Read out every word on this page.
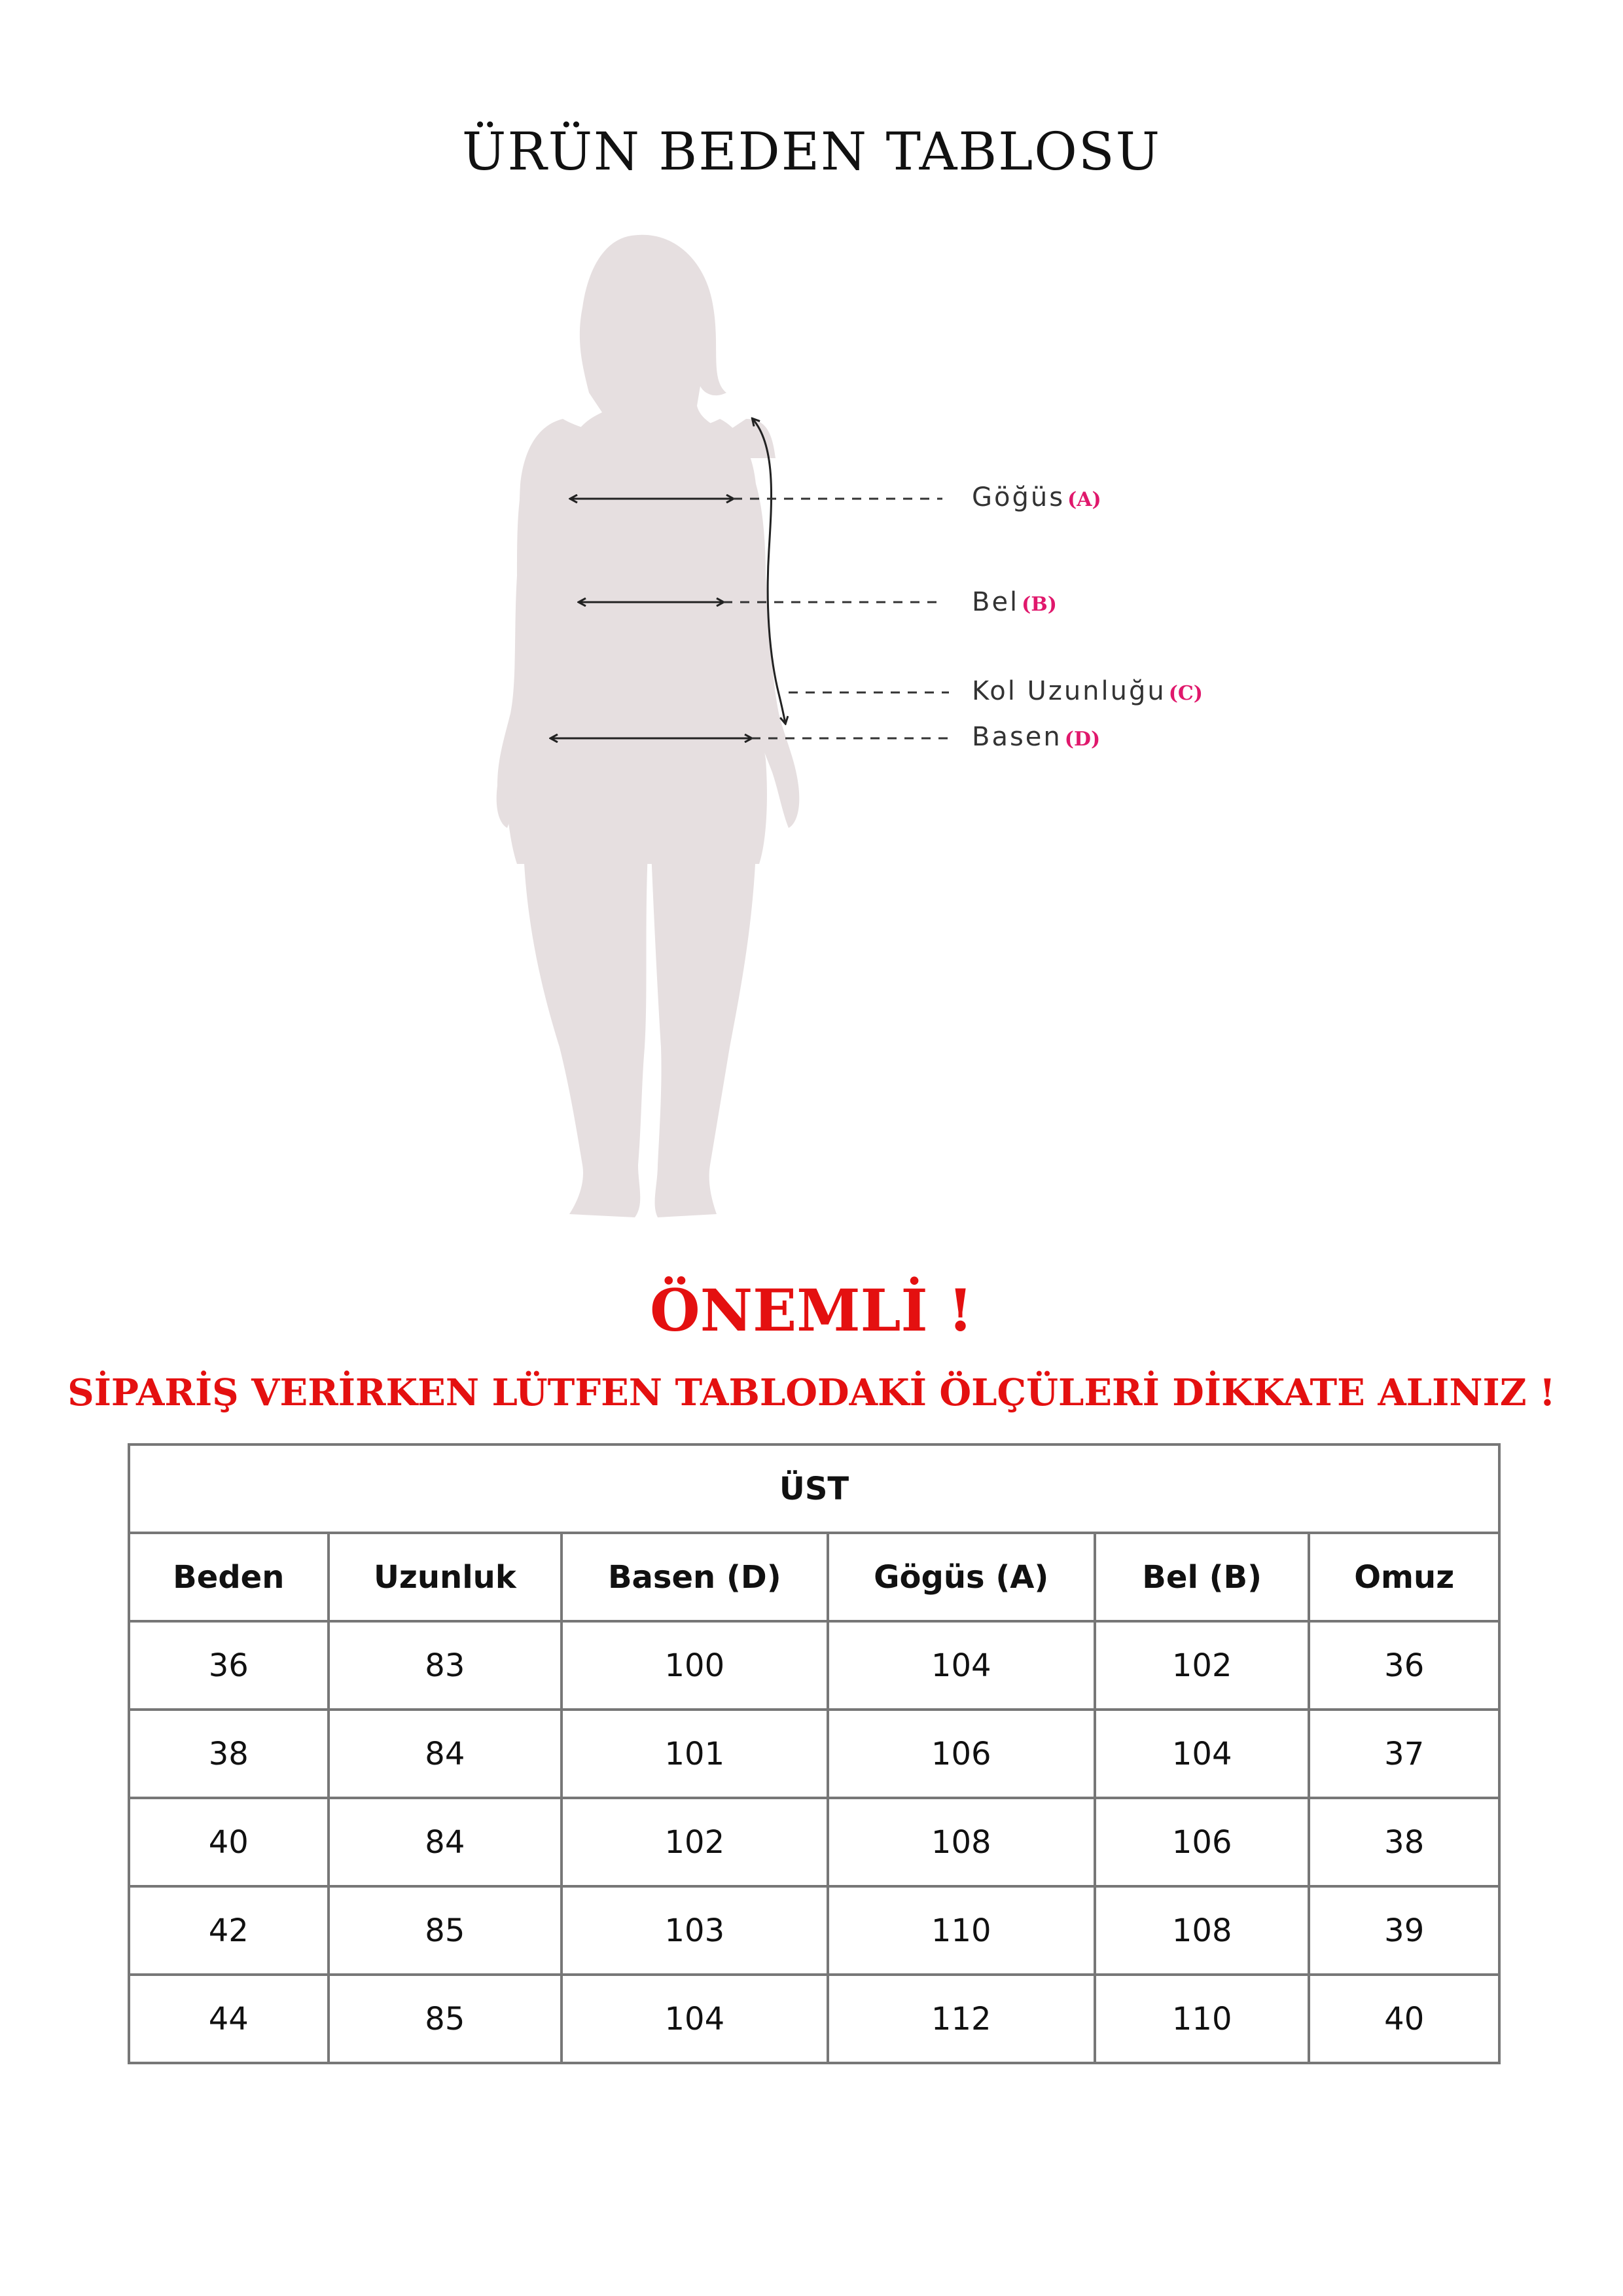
ÜRÜN BEDEN TABLOSU
Göğüs (A)
Bel (B)
Kol Uzunluğu (C)
Basen (D)
ÖNEMLİ !
SİPARİŞ VERİRKEN LÜTFEN TABLODAKİ ÖLÇÜLERİ DİKKATE ALINIZ !
ÜST					
Beden	Uzunluk	Basen (D)	Gögüs (A)	Bel (B)	Omuz
36	83	100	104	102	36
38	84	101	106	104	37
40	84	102	108	106	38
42	85	103	110	108	39
44	85	104	112	110	40
